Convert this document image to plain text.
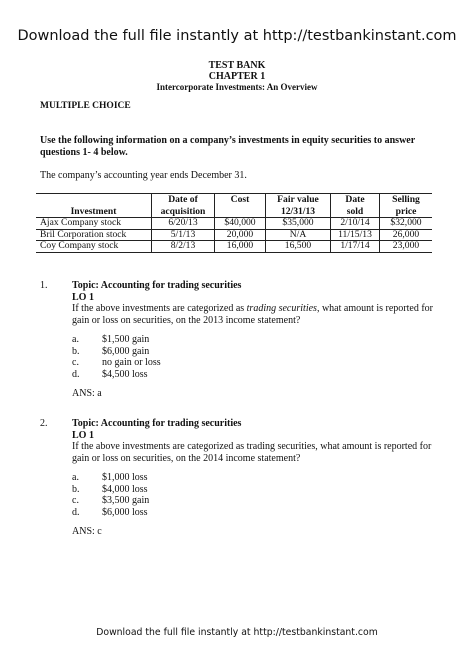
Download the full file instantly at http://testbankinstant.com
TEST BANK
CHAPTER 1
Intercorporate Investments: An Overview
MULTIPLE CHOICE
Use the following information on a company’s investments in equity securities to answer questions 1- 4 below.
The company’s accounting year ends December 31.
	Date of	Cost	Fair value	Date	Selling
Investment	acquisition		12/31/13	sold	price
Ajax Company stock	6/20/13	$40,000	$35,000	2/10/14	$32,000
Bril Corporation stock	5/1/13	20,000	N/A	11/15/13	26,000
Coy Company stock	8/2/13	16,000	16,500	1/17/14	23,000
1. Topic: Accounting for trading securities
LO 1
If the above investments are categorized as trading securities, what amount is reported for gain or loss on securities, on the 2013 income statement?
a. $1,500 gain
b. $6,000 gain
c. no gain or loss
d. $4,500 loss
ANS: a
2. Topic: Accounting for trading securities
LO 1
If the above investments are categorized as trading securities, what amount is reported for gain or loss on securities, on the 2014 income statement?
a. $1,000 loss
b. $4,000 loss
c. $3,500 gain
d. $6,000 loss
ANS: c
Download the full file instantly at http://testbankinstant.com
